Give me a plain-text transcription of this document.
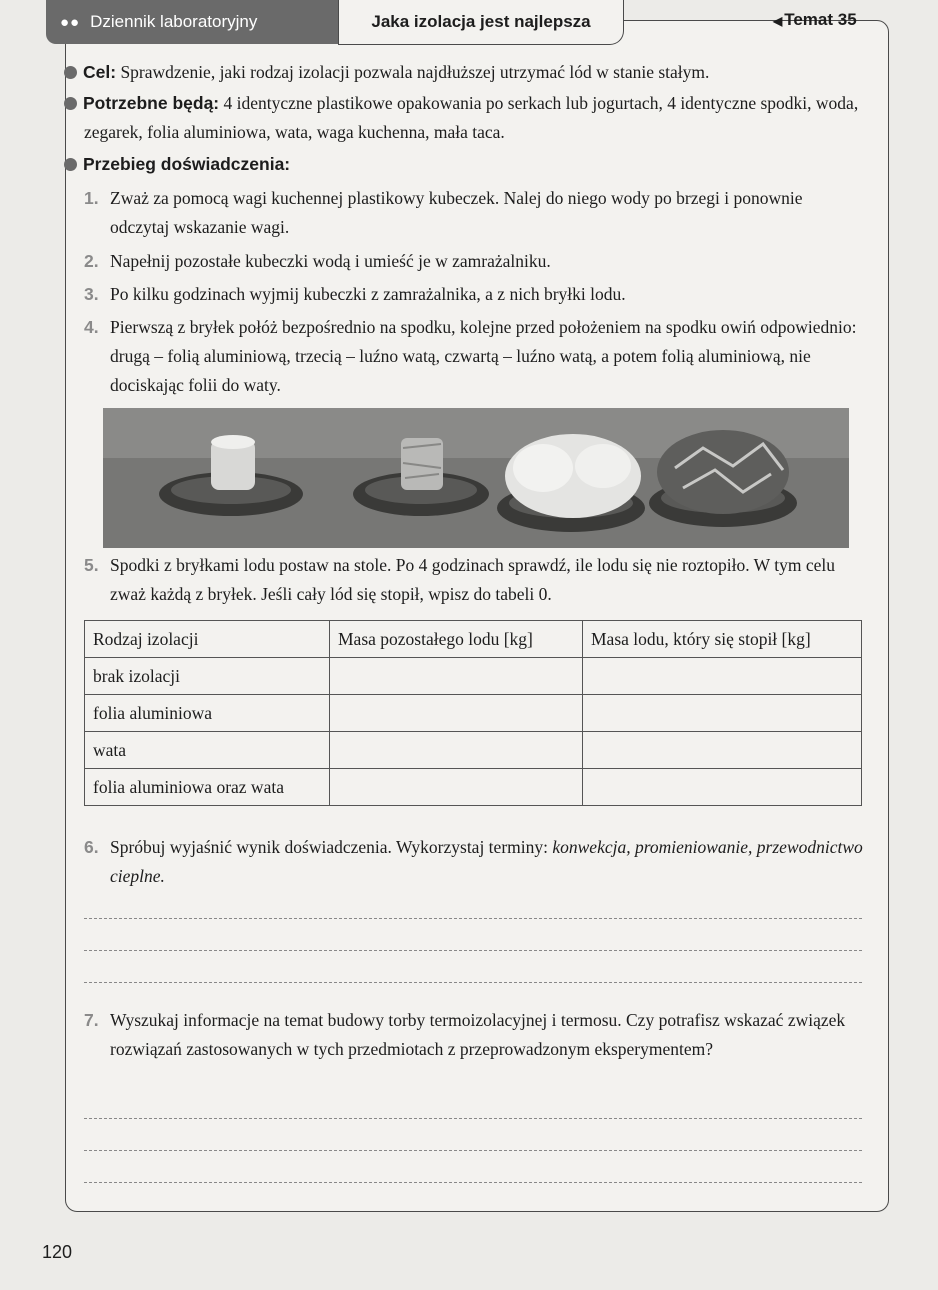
●● Dziennik laboratoryjny	Jaka izolacja jest najlepsza	◀ Temat 35
Cel: Sprawdzenie, jaki rodzaj izolacji pozwala najdłuższej utrzymać lód w stanie stałym.
Potrzebne będą: 4 identyczne plastikowe opakowania po serkach lub jogurtach, 4 identyczne spodki, woda, zegarek, folia aluminiowa, wata, waga kuchenna, mała taca.
Przebieg doświadczenia:
1. Zważ za pomocą wagi kuchennej plastikowy kubeczek. Nalej do niego wody po brzegi i ponownie odczytaj wskazanie wagi.
2. Napełnij pozostałe kubeczki wodą i umieść je w zamrażalniku.
3. Po kilku godzinach wyjmij kubeczki z zamrażalnika, a z nich bryłki lodu.
4. Pierwszą z bryłek połóż bezpośrednio na spodku, kolejne przed położeniem na spodku owiń odpowiednio: drugą – folią aluminiową, trzecią – luźno watą, czwartą – luźno watą, a potem folią aluminiową, nie dociskając folii do waty.
5. Spodki z bryłkami lodu postaw na stole. Po 4 godzinach sprawdź, ile lodu się nie roztopiło. W tym celu zważ każdą z bryłek. Jeśli cały lód się stopił, wpisz do tabeli 0.
Rodzaj izolacji	Masa pozostałego lodu [kg]	Masa lodu, który się stopił [kg]
brak izolacji		
folia aluminiowa		
wata		
folia aluminiowa oraz wata		
6. Spróbuj wyjaśnić wynik doświadczenia. Wykorzystaj terminy: konwekcja, promieniowanie, przewodnictwo cieplne.
7. Wyszukaj informacje na temat budowy torby termoizolacyjnej i termosu. Czy potrafisz wskazać związek rozwiązań zastosowanych w tych przedmiotach z przeprowadzonym eksperymentem?
120
